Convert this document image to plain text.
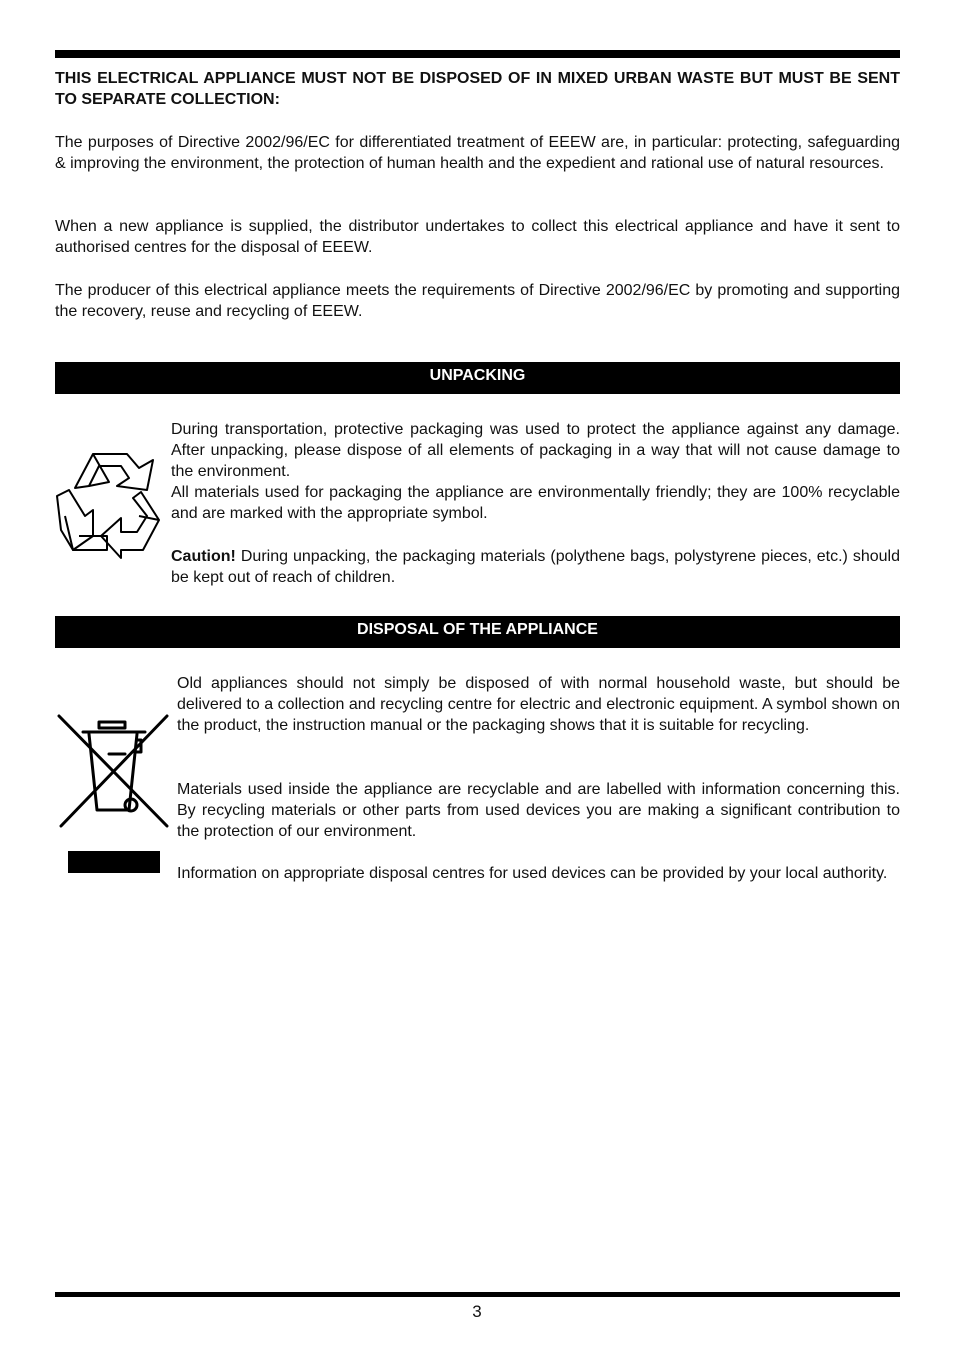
THIS ELECTRICAL APPLIANCE MUST NOT BE DISPOSED OF IN MIXED URBAN WASTE BUT MUST BE SENT TO SEPARATE COLLECTION:

The purposes of Directive 2002/96/EC for differentiated treatment of EEEW are, in particular: protecting, safeguarding & improving the environment, the protection of human health and the expedient and rational use of natural resources.

When a new appliance is supplied, the distributor undertakes to collect this electrical appliance and have it sent to authorised centres for the disposal of EEEW.

The producer of this electrical appliance meets the requirements of Directive 2002/96/EC by promoting and supporting the recovery, reuse and recycling of EEEW.

UNPACKING

During transportation, protective packaging was used to protect the appliance against any damage. After unpacking, please dispose of all elements of packaging in a way that will not cause damage to the environment.

All materials used for packaging the appliance are environmentally friendly; they are 100% recyclable and are marked with the appropriate symbol.

Caution! During unpacking, the packaging materials (polythene bags, polystyrene pieces, etc.) should be kept out of reach of children.

DISPOSAL OF THE APPLIANCE

Old appliances should not simply be disposed of with normal household waste, but should be delivered to a collection and recycling centre for electric and electronic equipment. A symbol shown on the product, the instruction manual or the packaging shows that it is suitable for recycling.

Materials used inside the appliance are recyclable and are labelled with information concerning this. By recycling materials or other parts from used devices you are making a significant contribution to the protection of our environment.

Information on appropriate disposal centres for used devices can be provided by your local authority.

3
